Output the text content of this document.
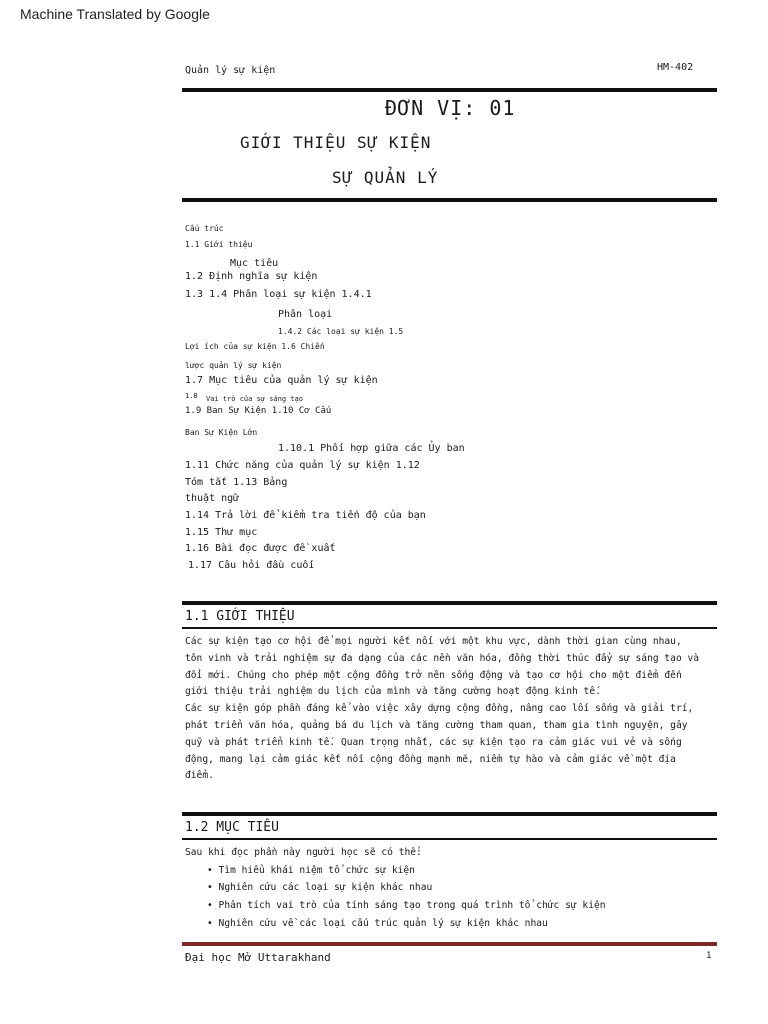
Machine Translated by Google
Quản lý sự kiện	HM-402
ĐƠN VỊ: 01
GIỚI THIỆU SỰ KIỆN
SỰ QUẢN LÝ
Cấu trúc
1.1 Giới thiệu
Mục tiêu
1.2 Định nghĩa sự kiện
1.3 1.4 Phân loại sự kiện 1.4.1
Phân loại
1.4.2 Các loại sự kiện 1.5
Lợi ích của sự kiện 1.6 Chiến
lược quản lý sự kiện
1.7 Mục tiêu của quản lý sự kiện
1.8 Vai trò của sự sáng tạo
1.9 Ban Sự Kiện 1.10 Cơ Cấu
Ban Sự Kiện Lớn
1.10.1 Phối hợp giữa các Ủy ban
1.11 Chức năng của quản lý sự kiện 1.12
Tóm tắt 1.13 Bảng
thuật ngữ
1.14 Trả lời để kiểm tra tiến độ của bạn
1.15 Thư mục
1.16 Bài đọc được đề xuất
1.17 Câu hỏi đầu cuối
1.1 GIỚI THIỆU
Các sự kiện tạo cơ hội để mọi người kết nối với một khu vực, dành thời gian cùng nhau,
tôn vinh và trải nghiệm sự đa dạng của các nền văn hóa, đồng thời thúc đẩy sự sáng tạo và
đổi mới. Chúng cho phép một cộng đồng trở nên sống động và tạo cơ hội cho một điểm đến
giới thiệu trải nghiệm du lịch của mình và tăng cường hoạt động kinh tế.
Các sự kiện góp phần đáng kể vào việc xây dựng cộng đồng, nâng cao lối sống và giải trí,
phát triển văn hóa, quảng bá du lịch và tăng cường tham quan, tham gia tình nguyện, gây
quỹ và phát triển kinh tế. Quan trọng nhất, các sự kiện tạo ra cảm giác vui vẻ và sống
động, mang lại cảm giác kết nối cộng đồng mạnh mẽ, niềm tự hào và cảm giác về một địa
điểm.
1.2 MỤC TIÊU
Sau khi đọc phần này người học sẽ có thể:
• Tìm hiểu khái niệm tổ chức sự kiện
• Nghiên cứu các loại sự kiện khác nhau
• Phân tích vai trò của tính sáng tạo trong quá trình tổ chức sự kiện
• Nghiên cứu về các loại cấu trúc quản lý sự kiện khác nhau
Đại học Mở Uttarakhand	1
